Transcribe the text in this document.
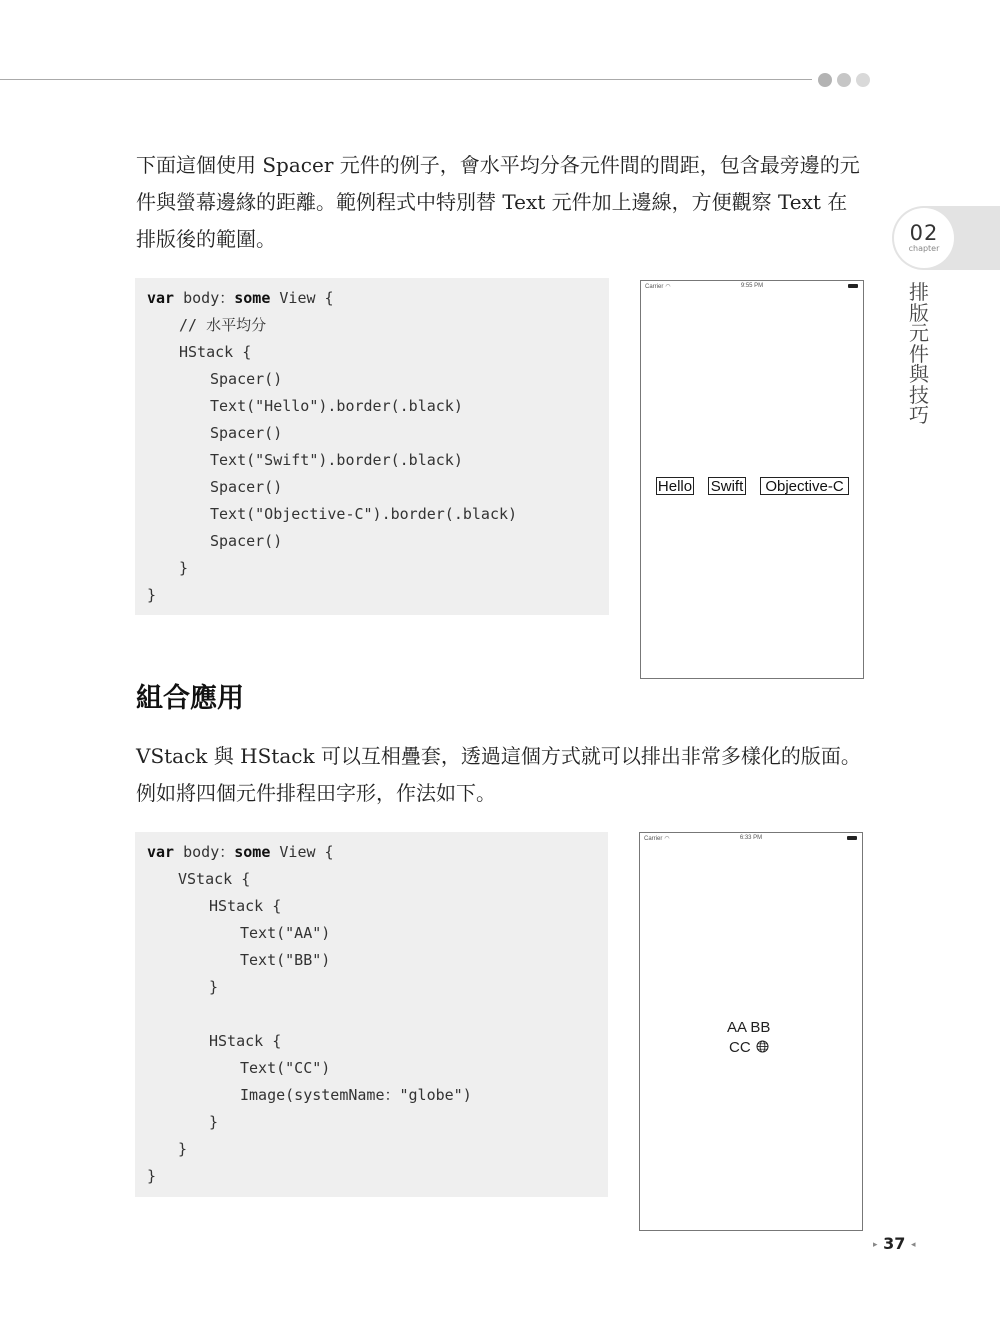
02
chapter
排版元件與技巧

下面這個使用 Spacer 元件的例子，會水平均分各元件間的間距，包含最旁邊的元件與螢幕邊緣的距離。範例程式中特別替 Text 元件加上邊線，方便觀察 Text 在排版後的範圍。

var body：some View {
// 水平均分
HStack {
Spacer()
Text("Hello").border(.black)
Spacer()
Text("Swift").border(.black)
Spacer()
Text("Objective-C").border(.black)
Spacer()
}
}
Carrier ◠	9:55 PM
Hello Swift	Objective-C
組合應用

VStack 與 HStack 可以互相疊套，透過這個方式就可以排出非常多樣化的版面。例如將四個元件排程田字形，作法如下。

var body：some View {
VStack {
HStack {
Text("AA")
Text("BB")
}
HStack {
Text("CC")
Image(systemName："globe")
}
}
}
Carrier ◠	6:33 PM
AA BB
CC
▸ 37 ◂
